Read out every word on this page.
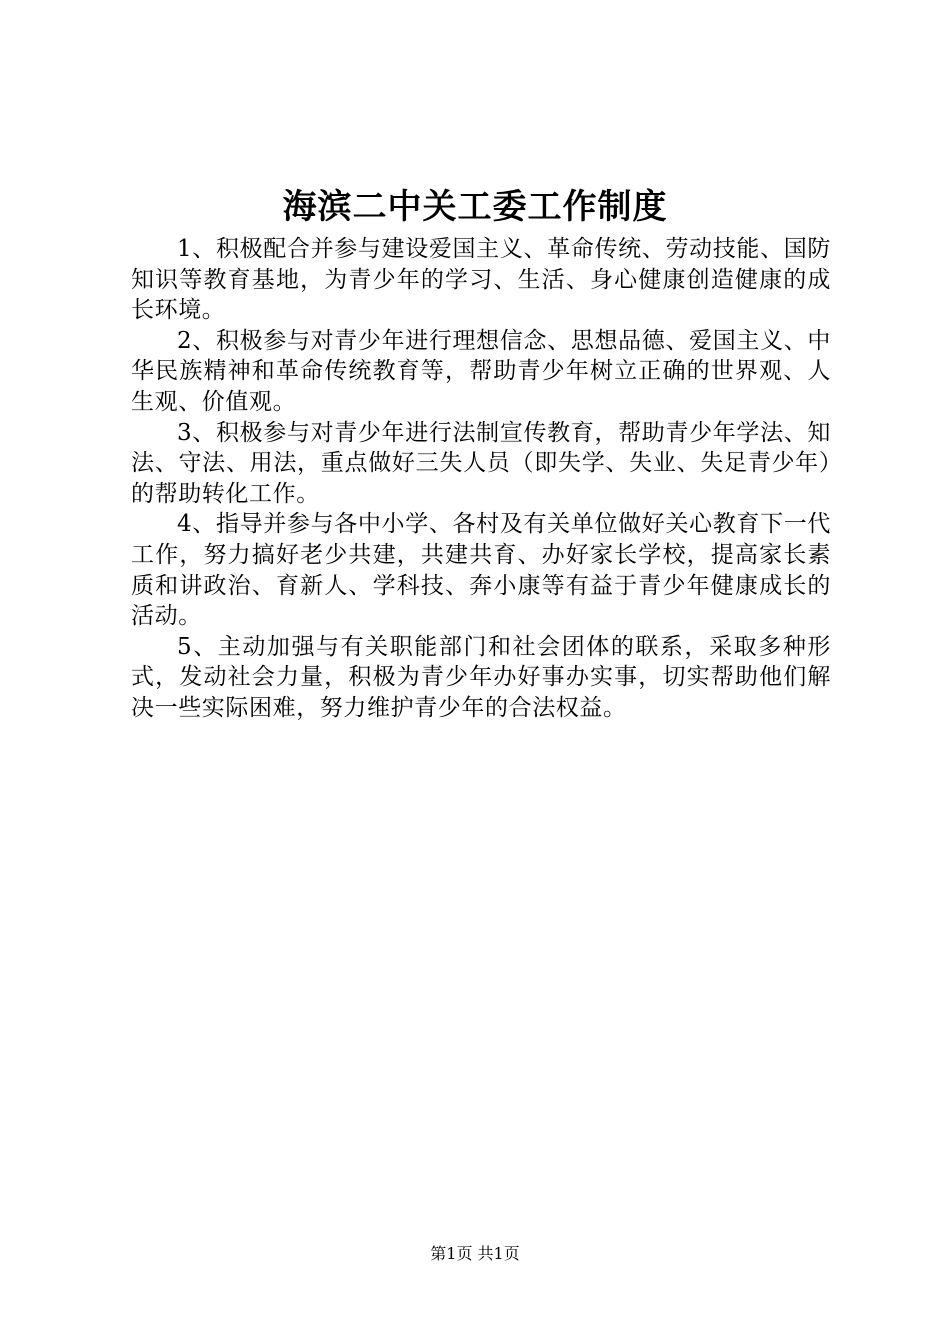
海滨二中关工委工作制度

1、积极配合并参与建设爱国主义、革命传统、劳动技能、国防知识等教育基地，为青少年的学习、生活、身心健康创造健康的成长环境。

2、积极参与对青少年进行理想信念、思想品德、爱国主义、中华民族精神和革命传统教育等，帮助青少年树立正确的世界观、人生观、价值观。

3、积极参与对青少年进行法制宣传教育，帮助青少年学法、知法、守法、用法，重点做好三失人员（即失学、失业、失足青少年）的帮助转化工作。

4、指导并参与各中小学、各村及有关单位做好关心教育下一代工作，努力搞好老少共建，共建共育、办好家长学校，提高家长素质和讲政治、育新人、学科技、奔小康等有益于青少年健康成长的活动。

5、主动加强与有关职能部门和社会团体的联系，采取多种形式，发动社会力量，积极为青少年办好事办实事，切实帮助他们解决一些实际困难，努力维护青少年的合法权益。

第1页 共1页
